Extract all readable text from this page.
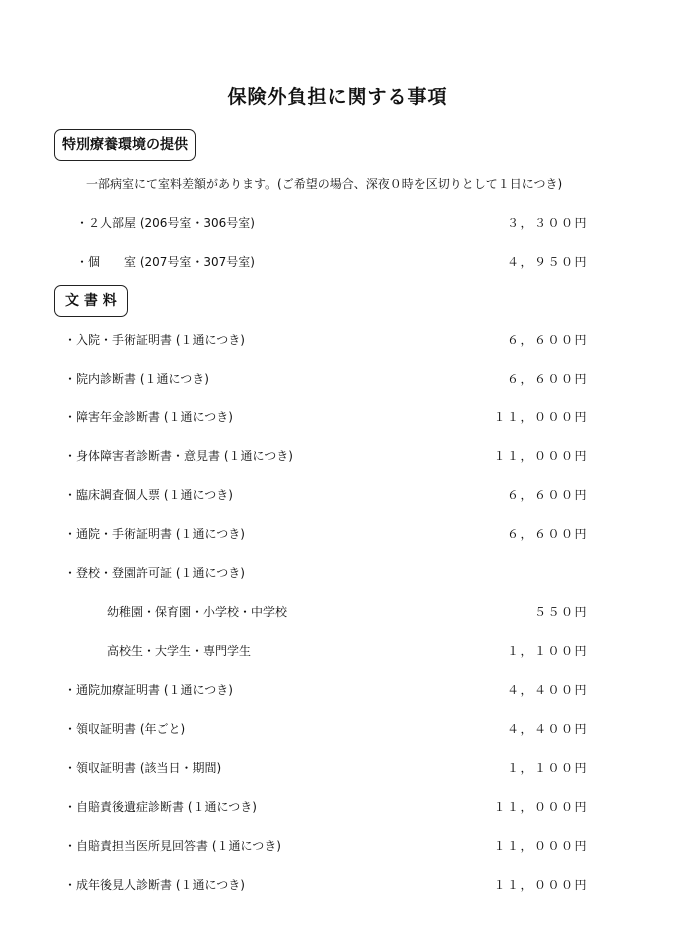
保険外負担に関する事項
特別療養環境の提供
一部病室にて室料差額があります。(ご希望の場合、深夜０時を区切りとして１日につき)
・２人部屋 (206号室・306号室)	３，３００円
・個　　室 (207号室・307号室)	４，９５０円
文 書 料
・入院・手術証明書 (１通につき)	６，６００円
・院内診断書 (１通につき)	６，６００円
・障害年金診断書 (１通につき)	１１，０００円
・身体障害者診断書・意見書 (１通につき)	１１，０００円
・臨床調査個人票 (１通につき)	６，６００円
・通院・手術証明書 (１通につき)	６，６００円
・登校・登園許可証 (１通につき)
幼稚園・保育園・小学校・中学校	５５０円
高校生・大学生・専門学生	１，１００円
・通院加療証明書 (１通につき)	４，４００円
・領収証明書 (年ごと)	４，４００円
・領収証明書 (該当日・期間)	１，１００円
・自賠責後遺症診断書 (１通につき)	１１，０００円
・自賠責担当医所見回答書 (１通につき)	１１，０００円
・成年後見人診断書 (１通につき)	１１，０００円
